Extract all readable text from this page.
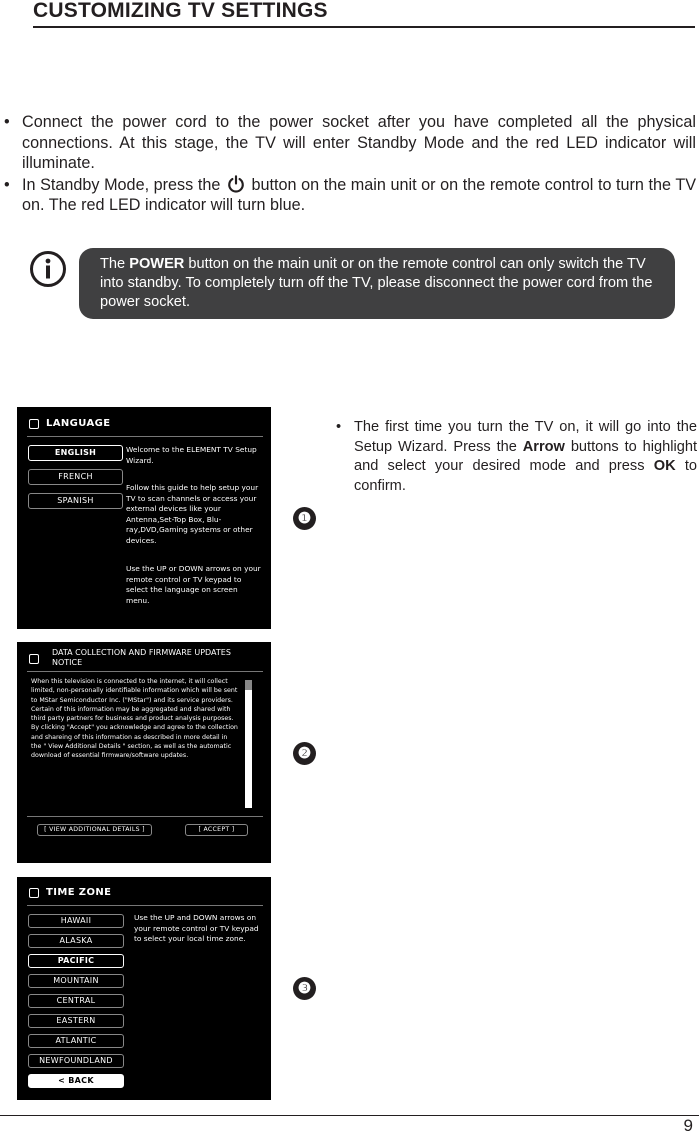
CUSTOMIZING TV SETTINGS
• Connect the power cord to the power socket after you have completed all the physical connections. At this stage, the TV will enter Standby Mode and the red LED indicator will illuminate.
• In Standby Mode, press the button on the main unit or on the remote control to turn the TV on. The red LED indicator will turn blue.
The POWER button on the main unit or on the remote control can only switch the TV into standby. To completely turn off the TV, please disconnect the power cord from the power socket.
LANGUAGE
ENGLISH
FRENCH
SPANISH
Welcome to the ELEMENT TV Setup Wizard.
Follow this guide to help setup your TV to scan channels or access your external devices like your Antenna,Set-Top Box, Blu-ray,DVD,Gaming systems or other devices.
Use the UP or DOWN arrows on your remote control or TV keypad to select the language on screen menu.
DATA COLLECTION AND FIRMWARE UPDATES NOTICE
When this television is connected to the internet, it will collect limited, non-personally identifiable information which will be sent to MStar Semiconductor Inc. ("MStar") and its service providers. Certain of this information may be aggregated and shared with third party partners for business and product analysis purposes. By clicking "Accept" you acknowledge and agree to the collection and shareing of this information as described in more detail in the " View Additional Details " section, as well as the automatic download of essential firmware/software updates.
[ VIEW ADDITIONAL DETAILS ]	[ ACCEPT ]
TIME ZONE
HAWAII
ALASKA
PACIFIC
MOUNTAIN
CENTRAL
EASTERN
ATLANTIC
NEWFOUNDLAND
< BACK
Use the UP and DOWN arrows on your remote control or TV keypad to select your local time zone.
❶
❷
❸
• The first time you turn the TV on, it will go into the Setup Wizard. Press the Arrow buttons to highlight and select your desired mode and press OK to confirm.
9
